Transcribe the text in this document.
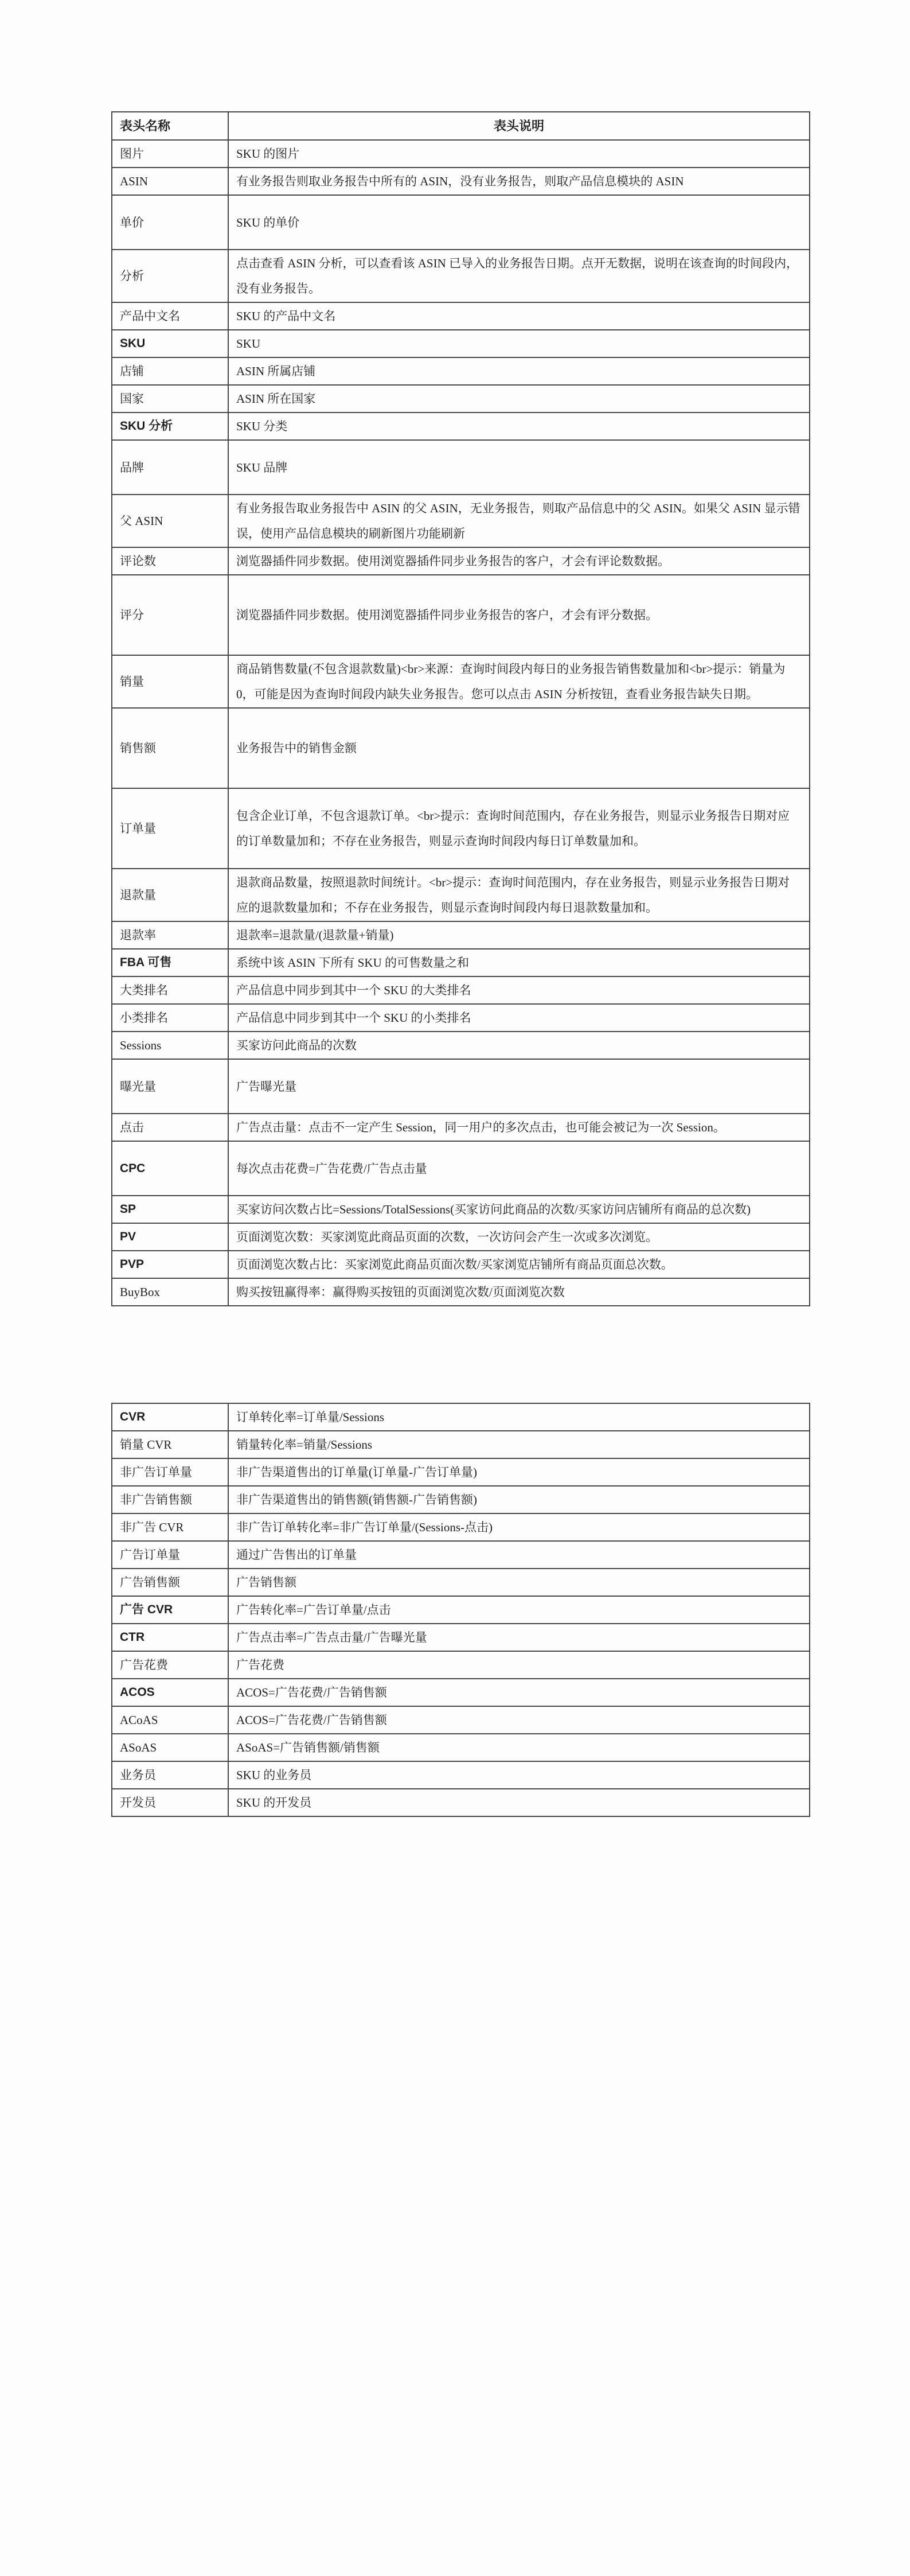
表头名称	表头说明
图片	SKU 的图片
ASIN	有业务报告则取业务报告中所有的 ASIN，没有业务报告，则取产品信息模块的 ASIN
单价	SKU 的单价
分析	点击查看 ASIN 分析，可以查看该 ASIN 已导入的业务报告日期。点开无数据，说明在该查询的时间段内，没有业务报告。
产品中文名	SKU 的产品中文名
SKU	SKU
店铺	ASIN 所属店铺
国家	ASIN 所在国家
SKU 分析	SKU 分类
品牌	SKU 品牌
父 ASIN	有业务报告取业务报告中 ASIN 的父 ASIN，无业务报告，则取产品信息中的父 ASIN。如果父 ASIN 显示错误，使用产品信息模块的刷新图片功能刷新
评论数	浏览器插件同步数据。使用浏览器插件同步业务报告的客户，才会有评论数数据。
评分	浏览器插件同步数据。使用浏览器插件同步业务报告的客户，才会有评分数据。
销量	商品销售数量(不包含退款数量)<br>来源：查询时间段内每日的业务报告销售数量加和<br>提示：销量为 0，可能是因为查询时间段内缺失业务报告。您可以点击 ASIN 分析按钮，查看业务报告缺失日期。
销售额	业务报告中的销售金额
订单量	包含企业订单，不包含退款订单。<br>提示：查询时间范围内，存在业务报告，则显示业务报告日期对应的订单数量加和；不存在业务报告，则显示查询时间段内每日订单数量加和。
退款量	退款商品数量，按照退款时间统计。<br>提示：查询时间范围内，存在业务报告，则显示业务报告日期对应的退款数量加和；不存在业务报告，则显示查询时间段内每日退款数量加和。
退款率	退款率=退款量/(退款量+销量)
FBA 可售	系统中该 ASIN 下所有 SKU 的可售数量之和
大类排名	产品信息中同步到其中一个 SKU 的大类排名
小类排名	产品信息中同步到其中一个 SKU 的小类排名
Sessions	买家访问此商品的次数
曝光量	广告曝光量
点击	广告点击量：点击不一定产生 Session，同一用户的多次点击，也可能会被记为一次 Session。
CPC	每次点击花费=广告花费/广告点击量
SP	买家访问次数占比=Sessions/TotalSessions(买家访问此商品的次数/买家访问店铺所有商品的总次数)
PV	页面浏览次数：买家浏览此商品页面的次数，一次访问会产生一次或多次浏览。
PVP	页面浏览次数占比：买家浏览此商品页面次数/买家浏览店铺所有商品页面总次数。
BuyBox	购买按钮赢得率：赢得购买按钮的页面浏览次数/页面浏览次数
CVR	订单转化率=订单量/Sessions
销量 CVR	销量转化率=销量/Sessions
非广告订单量	非广告渠道售出的订单量(订单量-广告订单量)
非广告销售额	非广告渠道售出的销售额(销售额-广告销售额)
非广告 CVR	非广告订单转化率=非广告订单量/(Sessions-点击)
广告订单量	通过广告售出的订单量
广告销售额	广告销售额
广告 CVR	广告转化率=广告订单量/点击
CTR	广告点击率=广告点击量/广告曝光量
广告花费	广告花费
ACOS	ACOS=广告花费/广告销售额
ACoAS	ACOS=广告花费/广告销售额
ASoAS	ASoAS=广告销售额/销售额
业务员	SKU 的业务员
开发员	SKU 的开发员
